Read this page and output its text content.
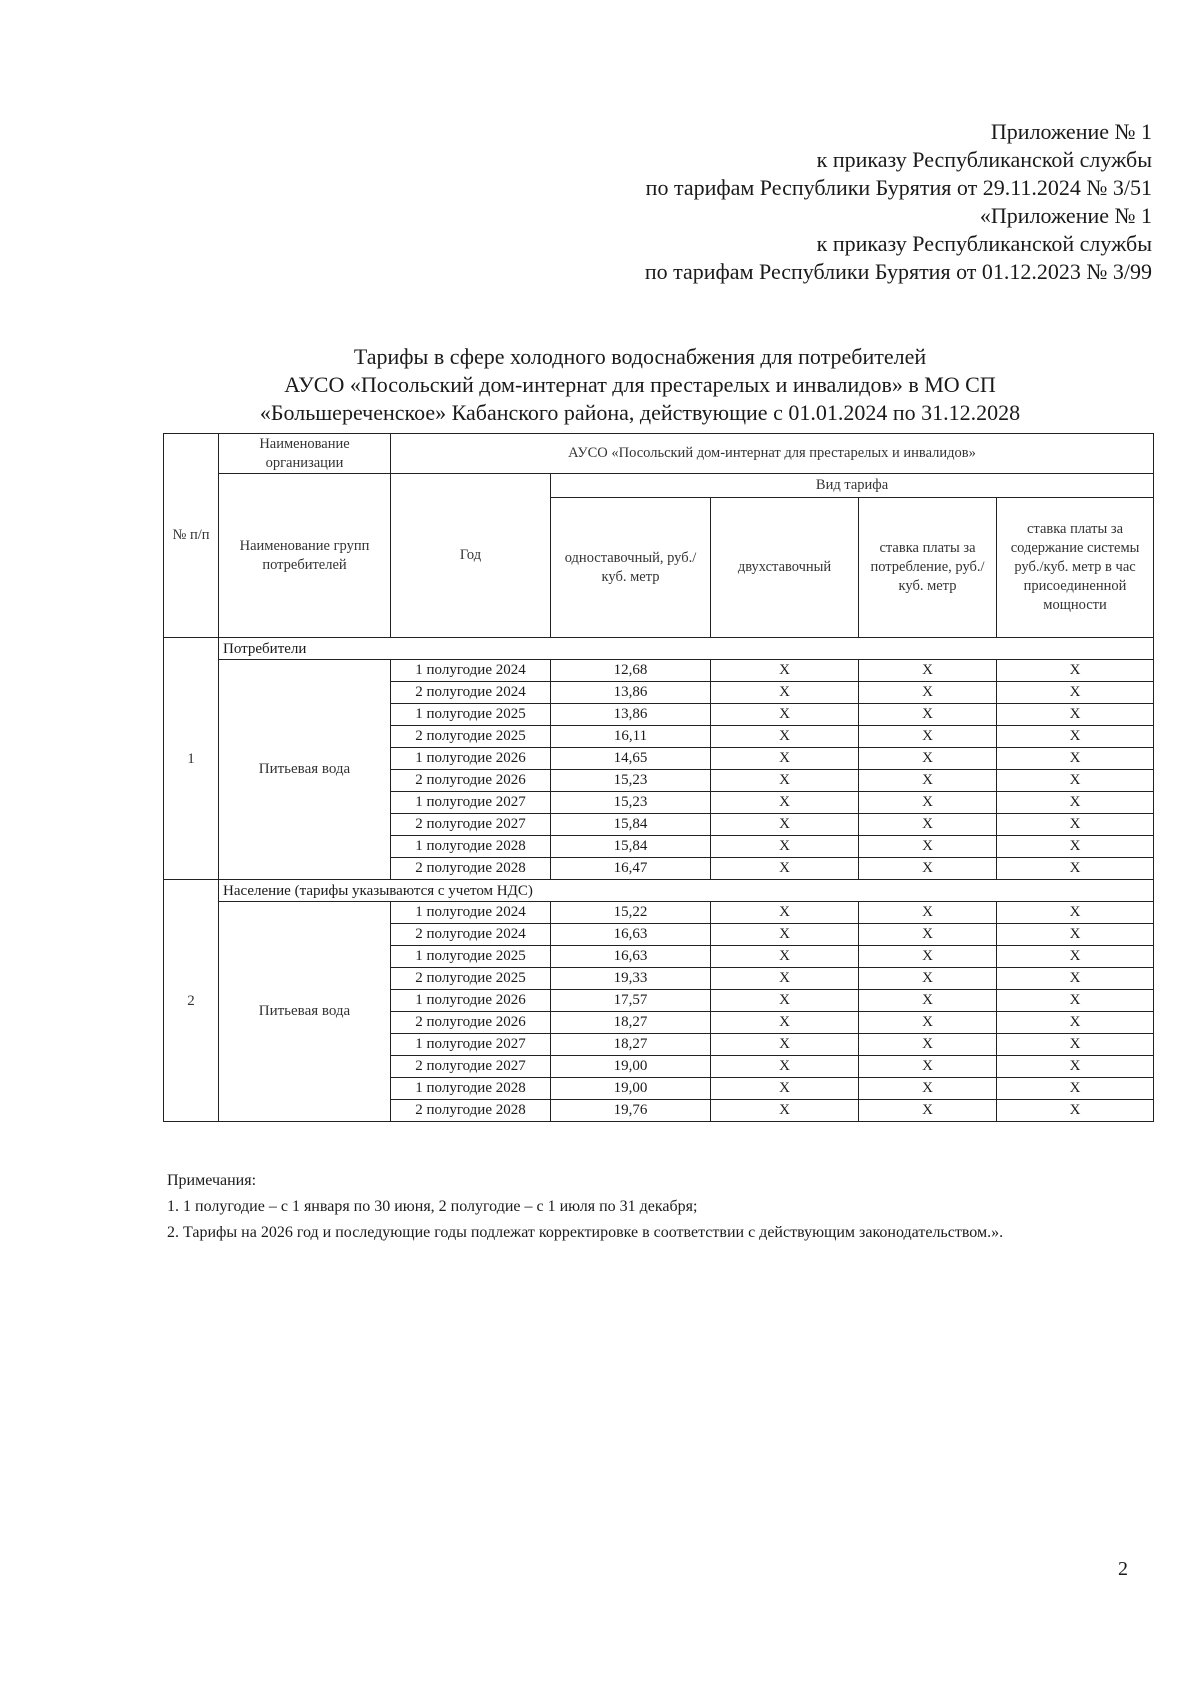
Приложение № 1
к приказу Республиканской службы
по тарифам Республики Бурятия от 29.11.2024 № 3/51
«Приложение № 1
к приказу Республиканской службы
по тарифам Республики Бурятия от 01.12.2023 № 3/99
Тарифы в сфере холодного водоснабжения для потребителей
АУСО «Посольский дом-интернат для престарелых и инвалидов» в МО СП
«Большереченское» Кабанского района, действующие с 01.01.2024 по 31.12.2028
№ п/п	Наименование организации	АУСО «Посольский дом-интернат для престарелых и инвалидов»				
	Наименование групп потребителей	Год	Вид тарифа			
			одноставочный, руб./ куб. метр	двухставочный	ставка платы за потребление, руб./ куб. метр	ставка платы за содержание системы руб./куб. метр в час присоединенной мощности
1	Потребители					
	Питьевая вода	1 полугодие 2024	12,68	X	X	X
		2 полугодие 2024	13,86	X	X	X
		1 полугодие 2025	13,86	X	X	X
		2 полугодие 2025	16,11	X	X	X
		1 полугодие 2026	14,65	X	X	X
		2 полугодие 2026	15,23	X	X	X
		1 полугодие 2027	15,23	X	X	X
		2 полугодие 2027	15,84	X	X	X
		1 полугодие 2028	15,84	X	X	X
		2 полугодие 2028	16,47	X	X	X
2	Население (тарифы указываются с учетом НДС)					
	Питьевая вода	1 полугодие 2024	15,22	X	X	X
		2 полугодие 2024	16,63	X	X	X
		1 полугодие 2025	16,63	X	X	X
		2 полугодие 2025	19,33	X	X	X
		1 полугодие 2026	17,57	X	X	X
		2 полугодие 2026	18,27	X	X	X
		1 полугодие 2027	18,27	X	X	X
		2 полугодие 2027	19,00	X	X	X
		1 полугодие 2028	19,00	X	X	X
		2 полугодие 2028	19,76	X	X	X
Примечания:
1. 1 полугодие – с 1 января по 30 июня, 2 полугодие – с 1 июля по 31 декабря;
2. Тарифы на 2026 год и последующие годы подлежат корректировке в соответствии с действующим законодательством.».
2
